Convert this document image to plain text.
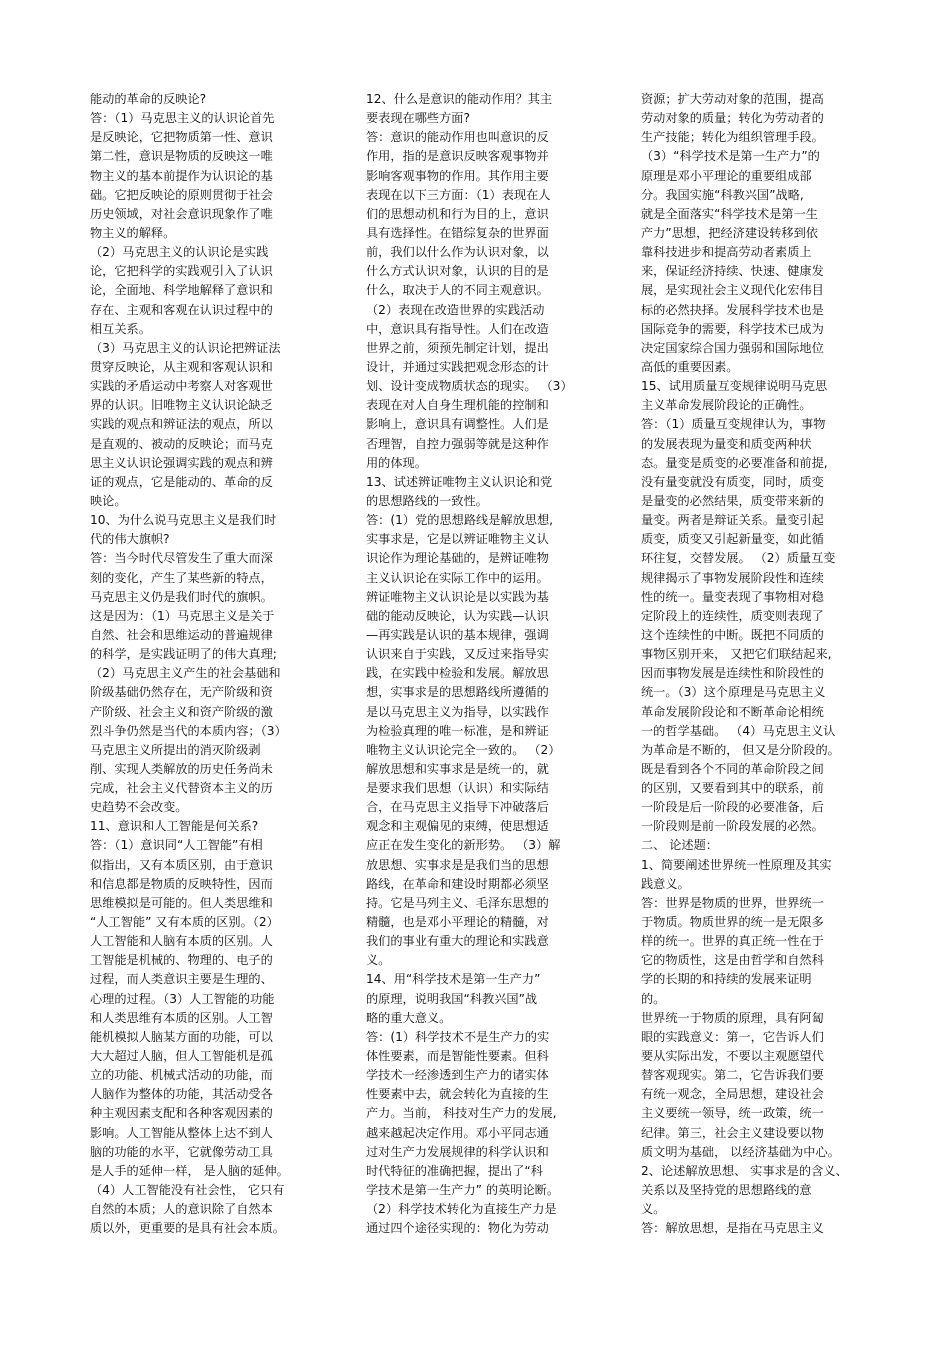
能动的革命的反映论?
答：（1）马克思主义的认识论首先
是反映论，它把物质第一性、意识
第二性，意识是物质的反映这一唯
物主义的基本前提作为认识论的基
础。它把反映论的原则贯彻于社会
历史领域，对社会意识现象作了唯
物主义的解释。
（2）马克思主义的认识论是实践
论，它把科学的实践观引入了认识
论，全面地、科学地解释了意识和
存在、主观和客观在认识过程中的
相互关系。
（3）马克思主义的认识论把辨证法
贯穿反映论，从主观和客观认识和
实践的矛盾运动中考察人对客观世
界的认识。旧唯物主义认识论缺乏
实践的观点和辨证法的观点，所以
是直观的、被动的反映论；而马克
思主义认识论强调实践的观点和辨
证的观点，它是能动的、革命的反
映论。
10、为什么说马克思主义是我们时
代的伟大旗帜?
答：当今时代尽管发生了重大而深
刻的变化，产生了某些新的特点，
马克思主义仍是我们时代的旗帜。
这是因为：（1）马克思主义是关于
自然、社会和思维运动的普遍规律
的科学，是实践证明了的伟大真理;
（2）马克思主义产生的社会基础和
阶级基础仍然存在，无产阶级和资
产阶级、社会主义和资产阶级的激
烈斗争仍然是当代的本质内容；（3）
马克思主义所提出的消灭阶级剥
削、实现人类解放的历史任务尚未
完成，社会主义代替资本主义的历
史趋势不会改变。
11、意识和人工智能是何关系?
答：（1）意识同“人工智能”有相
似指出，又有本质区别，由于意识
和信息都是物质的反映特性，因而
思维模拟是可能的。但人类思维和
“人工智能” 又有本质的区别。（2）
人工智能和人脑有本质的区别。人
工智能是机械的、物理的、电子的
过程，而人类意识主要是生理的、
心理的过程。（3）人工智能的功能
和人类思维有本质的区别。人工智
能机模拟人脑某方面的功能，可以
大大超过人脑，但人工智能机是孤
立的功能、机械式活动的功能，而
人脑作为整体的功能，其活动受各
种主观因素支配和各种客观因素的
影响。人工智能从整体上达不到人
脑的功能的水平，它就像劳动工具
是人手的延伸一样， 是人脑的延伸。
（4）人工智能没有社会性， 它只有
自然的本质；人的意识除了自然本
质以外，更重要的是具有社会本质。
12、什么是意识的能动作用？其主
要表现在哪些方面?
答：意识的能动作用也叫意识的反
作用，指的是意识反映客观事物并
影响客观事物的作用。其作用主要
表现在以下三方面：（1）表现在人
们的思想动机和行为目的上，意识
具有选择性。在错综复杂的世界面
前，我们以什么作为认识对象，以
什么方式认识对象，认识的目的是
什么，取决于人的不同主观意识。
（2）表现在改造世界的实践活动
中，意识具有指导性。人们在改造
世界之前，须预先制定计划，提出
设计，并通过实践把观念形态的计
划、设计变成物质状态的现实。 （3）
表现在对人自身生理机能的控制和
影响上，意识具有调整性。人们是
否理智，自控力强弱等就是这种作
用的体现。
13、试述辨证唯物主义认识论和党
的思想路线的一致性。
答：(1）党的思想路线是解放思想,
实事求是，它是以辨证唯物主义认
识论作为理论基础的，是辨证唯物
主义认识论在实际工作中的运用。
辨证唯物主义认识论是以实践为基
础的能动反映论，认为实践—认识
—再实践是认识的基本规律，强调
认识来自于实践，又反过来指导实
践，在实践中检验和发展。解放思
想，实事求是的思想路线所遵循的
是以马克思主义为指导，以实践作
为检验真理的唯一标准，是和辨证
唯物主义认识论完全一致的。 （2）
解放思想和实事求是是统一的，就
是要求我们思想（认识）和实际结
合，在马克思主义指导下冲破落后
观念和主观偏见的束缚，使思想适
应正在发生变化的新形势。 （3）解
放思想、实事求是是我们当的思想
路线，在革命和建设时期都必须坚
持。它是马列主义、毛泽东思想的
精髓，也是邓小平理论的精髓，对
我们的事业有重大的理论和实践意
义。
14、用“科学技术是第一生产力”
的原理，说明我国“科教兴国”战
略的重大意义。
答：(1）科学技术不是生产力的实
体性要素，而是智能性要素。但科
学技术一经渗透到生产力的诸实体
性要素中去，就会转化为直接的生
产力。当前， 科技对生产力的发展,
越来越起决定作用。邓小平同志通
过对生产力发展规律的科学认识和
时代特征的准确把握，提出了“科
学技术是第一生产力” 的英明论断。
（2）科学技术转化为直接生产力是
通过四个途径实现的：物化为劳动
资源；扩大劳动对象的范围，提高
劳动对象的质量；转化为劳动者的
生产技能；转化为组织管理手段。
（3）“科学技术是第一生产力”的
原理是邓小平理论的重要组成部
分。我国实施“科教兴国”战略,
就是全面落实“科学技术是第一生
产力”思想，把经济建设转移到依
靠科技进步和提高劳动者素质上
来，保证经济持续、快速、健康发
展，是实现社会主义现代化宏伟目
标的必然抉择。发展科学技术也是
国际竞争的需要，科学技术已成为
决定国家综合国力强弱和国际地位
高低的重要因素。
15、试用质量互变规律说明马克思
主义革命发展阶段论的正确性。
答：（1）质量互变规律认为，事物
的发展表现为量变和质变两种状
态。量变是质变的必要准备和前提,
没有量变就没有质变，同时，质变
是量变的必然结果，质变带来新的
量变。两者是辩证关系。量变引起
质变，质变又引起新量变，如此循
环往复，交替发展。 （2）质量互变
规律揭示了事物发展阶段性和连续
性的统一。量变表现了事物相对稳
定阶段上的连续性，质变则表现了
这个连续性的中断。既把不同质的
事物区别开来， 又把它们联结起来,
因而事物发展是连续性和阶段性的
统一。（3）这个原理是马克思主义
革命发展阶段论和不断革命论相统
一的哲学基础。 （4）马克思主义认
为革命是不断的， 但又是分阶段的。
既是看到各个不同的革命阶段之间
的区别，又要看到其中的联系，前
一阶段是后一阶段的必要准备，后
一阶段则是前一阶段发展的必然。
二、 论述题：
1、简要阐述世界统一性原理及其实
践意义。
答：世界是物质的世界，世界统一
于物质。物质世界的统一是无限多
样的统一。世界的真正统一性在于
它的物质性，这是由哲学和自然科
学的长期的和持续的发展来证明
的。
世界统一于物质的原理，具有阿匐
眼的实践意义：第一，它告诉人们
要从实际出发，不要以主观愿望代
替客观现实。第二，它告诉我们要
有统一观念，全局思想，建设社会
主义要统一领导，统一政策，统一
纪律。第三，社会主义建设要以物
质文明为基础， 以经济基础为中心。
2、论述解放思想、 实事求是的含义、
关系以及坚持党的思想路线的意
义。
答：解放思想，是指在马克思主义
